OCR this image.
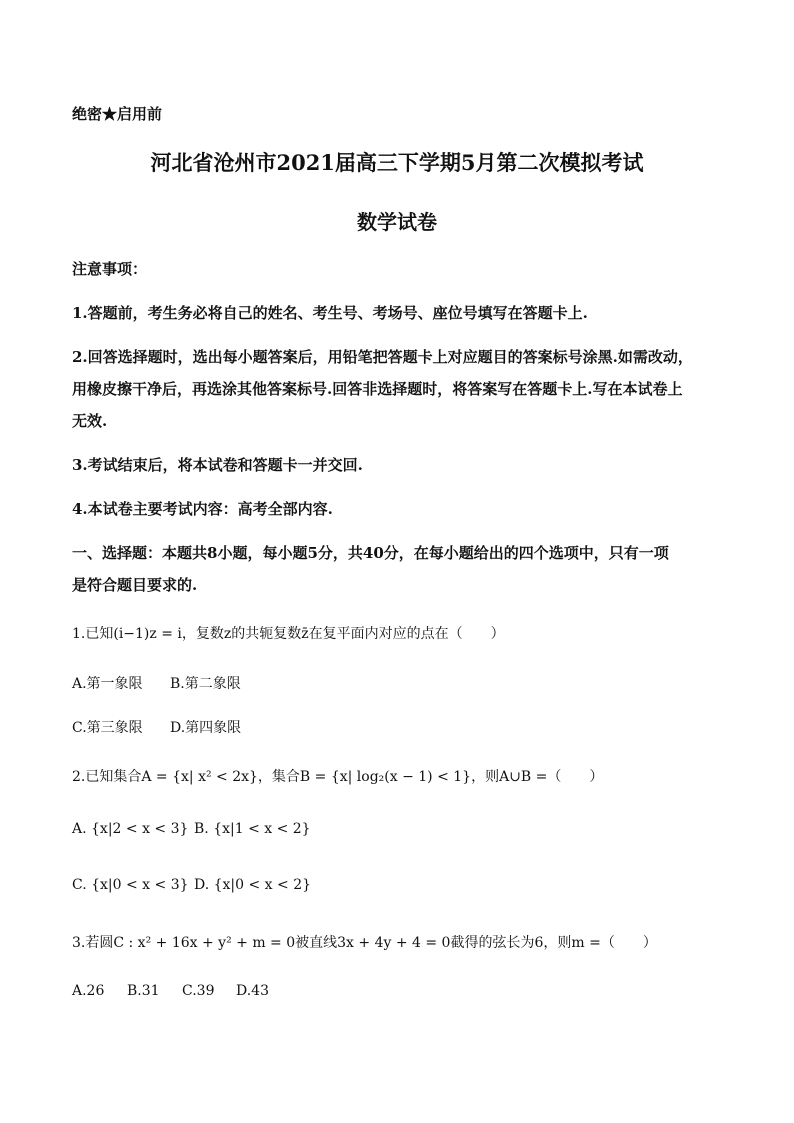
绝密★启用前
河北省沧州市2021届高三下学期5月第二次模拟考试
数学试卷
注意事项：
1.答题前，考生务必将自己的姓名、考生号、考场号、座位号填写在答题卡上.
2.回答选择题时，选出每小题答案后，用铅笔把答题卡上对应题目的答案标号涂黑.如需改动，
用橡皮擦干净后，再选涂其他答案标号.回答非选择题时，将答案写在答题卡上.写在本试卷上
无效.
3.考试结束后，将本试卷和答题卡一并交回.
4.本试卷主要考试内容：高考全部内容.
一、选择题：本题共8小题，每小题5分，共40分，在每小题给出的四个选项中，只有一项
是符合题目要求的.
1.已知(i−1)z = i，复数z的共轭复数z̄在复平面内对应的点在（　　）
A.第一象限 B.第二象限
C.第三象限 D.第四象限
2.已知集合A = {x| x² < 2x}，集合B = {x| log₂(x − 1) < 1}，则A∪B =（　　）
A. {x|2 < x < 3} B. {x|1 < x < 2}
C. {x|0 < x < 3} D. {x|0 < x < 2}
3.若圆C : x² + 16x + y² + m = 0被直线3x + 4y + 4 = 0截得的弦长为6，则m =（　　）
A.26 B.31 C.39 D.43
